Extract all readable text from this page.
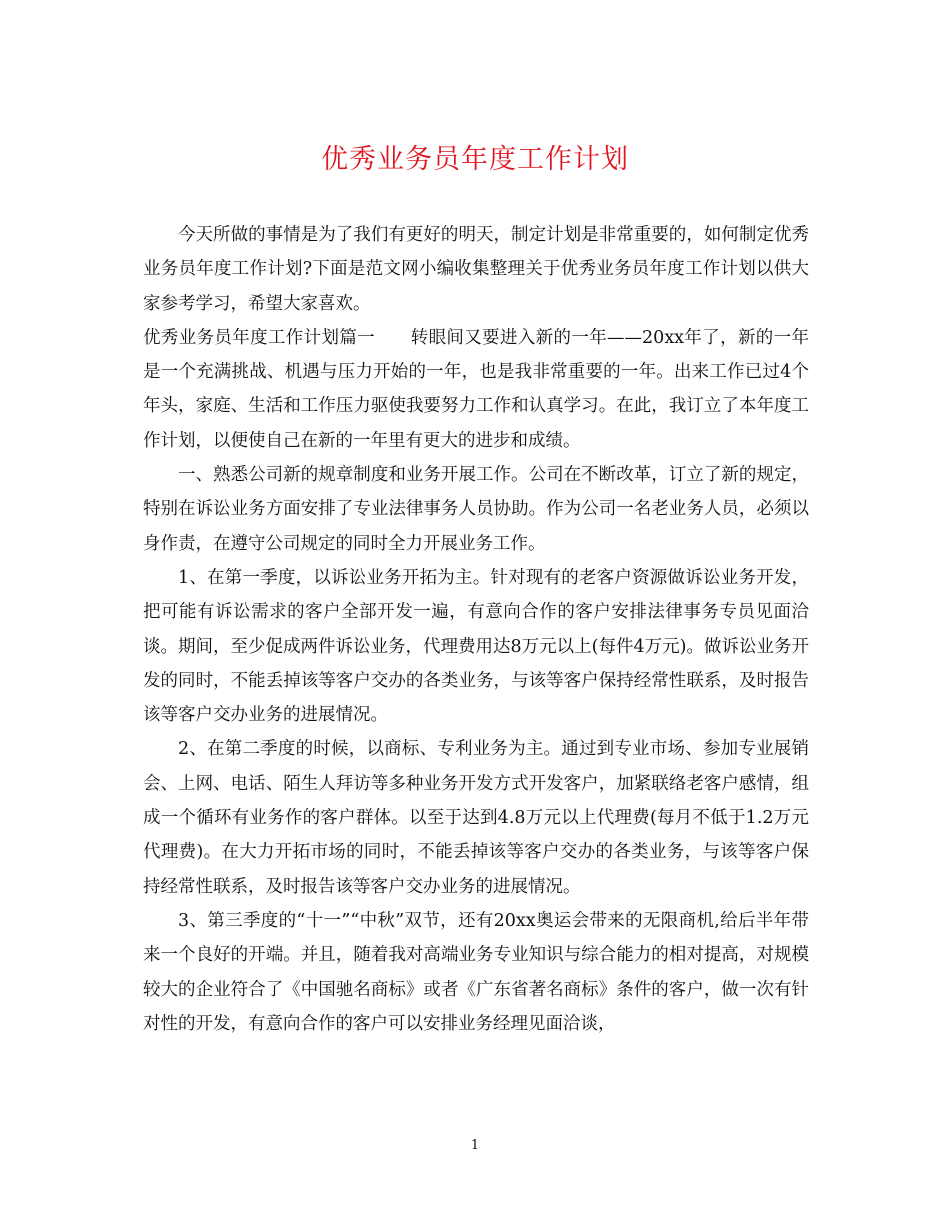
优秀业务员年度工作计划

今天所做的事情是为了我们有更好的明天，制定计划是非常重要的，如何制定优秀业务员年度工作计划?下面是范文网小编收集整理关于优秀业务员年度工作计划以供大家参考学习，希望大家喜欢。

优秀业务员年度工作计划篇一　　转眼间又要进入新的一年——20xx年了，新的一年是一个充满挑战、机遇与压力开始的一年，也是我非常重要的一年。出来工作已过4个年头，家庭、生活和工作压力驱使我要努力工作和认真学习。在此，我订立了本年度工作计划，以便使自己在新的一年里有更大的进步和成绩。

一、熟悉公司新的规章制度和业务开展工作。公司在不断改革，订立了新的规定，特别在诉讼业务方面安排了专业法律事务人员协助。作为公司一名老业务人员，必须以身作责，在遵守公司规定的同时全力开展业务工作。

1、在第一季度，以诉讼业务开拓为主。针对现有的老客户资源做诉讼业务开发，把可能有诉讼需求的客户全部开发一遍，有意向合作的客户安排法律事务专员见面洽谈。期间，至少促成两件诉讼业务，代理费用达8万元以上(每件4万元)。做诉讼业务开发的同时，不能丢掉该等客户交办的各类业务，与该等客户保持经常性联系，及时报告该等客户交办业务的进展情况。

2、在第二季度的时候，以商标、专利业务为主。通过到专业市场、参加专业展销会、上网、电话、陌生人拜访等多种业务开发方式开发客户，加紧联络老客户感情，组成一个循环有业务作的客户群体。以至于达到4.8万元以上代理费(每月不低于1.2万元代理费)。在大力开拓市场的同时，不能丢掉该等客户交办的各类业务，与该等客户保持经常性联系，及时报告该等客户交办业务的进展情况。

3、第三季度的“十一”“中秋”双节，还有20xx奥运会带来的无限商机,给后半年带来一个良好的开端。并且，随着我对高端业务专业知识与综合能力的相对提高，对规模较大的企业符合了《中国驰名商标》或者《广东省著名商标》条件的客户，做一次有针对性的开发，有意向合作的客户可以安排业务经理见面洽谈，

1
